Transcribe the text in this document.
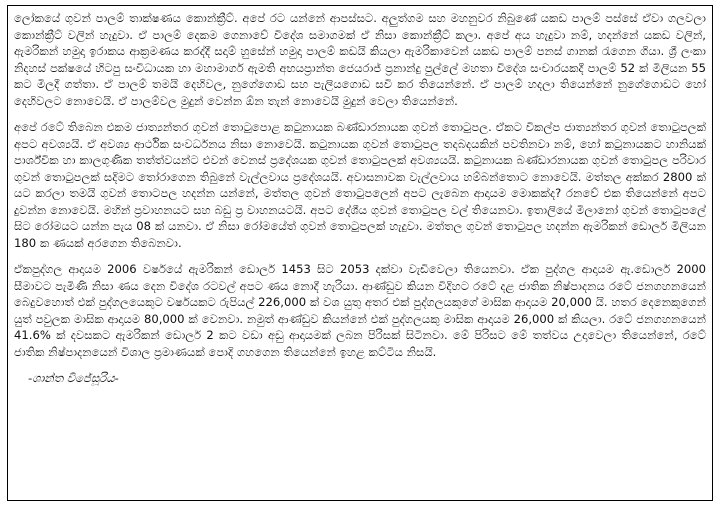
ලෝකයේ ගුවන් පාලම් තාක්ෂණය කොන්ක්‍රීට්. අපේ රට යන්නේ ආපස්සට. අලුත්ගම සහ මහනුවර නිබුණේ යකඩ පාලම් පස්සේ ඒවා ගලවලා කොන්ක්‍රීට් වලින් හැදුවා. ඒ පාලම් දෙකම ගෙනාවේ විදේශ සමාගමක් ඒ නිසා කොන්ක්‍රීට් කලා. අපේ අය හැදුවා නම්, හදන්නේ යකඩ වලින්, ඇමරිකන් හමුදා ඉරාකය ආක්‍රමණය කරද්දී සදාම් හුසේන් හමුදා පාලම් කඩයි කියලා ඇමරිකාවෙන් යකඩ පාලම් පනස් ගානක් රැගෙන ගියා. ශ්‍රී ලංකා නිදහස් පක්ෂයේ හිටපු සංවිධායක හා මහාමාර්ග ඇමති අභයප්‍රාන්ත ජෙයරාජ් ප්‍රනාන්දු පුල්ලේ මහතා විදේශ සංචාරයකදී පාලම් 52 ක් මිලියන 55 කට මිලදී ගත්තා. ඒ පාලම් තමයි දෙහිවල, නුගේගොඩ සහ පැලියගොඩ සවි කර තියෙන්නේ. ඒ පාලම් හදලා තියෙන්නේ නුගේගොඩට හෝ දෙහිවලට නොවෙයි. ඒ පාලම්වල මුදුන් වෙන්න ඕන තැන් නොවෙයි මුදුන් වෙලා තියෙන්නේ.

අපේ රටේ තිබෙන එකම ජාත්‍යන්තර ගුවන් තොටුපොළ කටුනායක බණ්ඩාරනායක ගුවන් තොටුපල. ඒකට විකල්ප ජාත්‍යන්තර ගුවන් තොටුපලක් අපට අවශ්‍යයි. ඒ අවශ්‍ය ආර්ථික සංවර්ධනය නිසා නොවෙයි. කටුනායක ගුවන් තොටුපල තදබදයකින් පවතිනවා නම්, හෝ කටුනායකට හානියක් පාර්ශ්වික හා කාලගුණික තත්ත්වයන්ට එවන් වෙනස් ප්‍රදේශයක ගුවන් තොටුපලක් අවශ්‍යයයි. කටුනායක බණ්ඩාරනායක ගුවන් තොටුපල පරිවාර ගුවන් තොටුපලක් සදිමට තෝරාගෙන තිබුනේ වැල්ලවාය ප්‍රදේශයයි. අවාසනාවක වැල්ලවාය හම්බන්තොට නොවෙයි. මත්තල අක්කර 2800 ක් යට කරලා තමයි ගුවන් තොටපල හදන්න යන්නේ, මත්තල ගුවන් තොටුපලෙන් අපට ලැබෙන ආදායම මොකක්ද? රනවේ එක තියෙන්නේ අපට දුවන්න නොවෙයි. මහින් ප්‍රවාහනයට සහ බඩු ප්‍ර වාහනයටයි. අපට දේශීය ගුවන් තොටුපල වල් තියෙනවා. ඉතාලියේ මිලානෝ ගුවන් තොටුපලේ සිට රෝමයට යන්න පැය 08 ක් යනවා. ඒ නිසා රෝමයේත් ගුවන් තොටුපලක් හැදුවා. මත්තල ගුවන් තොටුපල හදන්න ඇමරිකන් ඩොලර් මිලියන 180 ක ණයක් අරගෙන තිබෙනවා.

ඒකපුද්ගල ආදායම 2006 වර්ෂයේ ඇමරිකන් ඩොලර් 1453 සිට 2053 දක්වා වැඩිවෙලා තියෙනවා. ඒක පුද්ගල ආදායම ඇ.ඩොලර් 2000 සීමාවට පැමිණි නිසා ණය දෙන විදේශ රටවල් අපට ණය නොදී හැරියා. ආණ්ඩුව කියන විදිහට රටේ දළ ජාතික නිෂ්පාදනය රටේ ජනගහනයෙන් බෙදුවහොත් එක් පුද්ගලයෙකුට වර්ෂයකට රුපියල් 226,000 ක් වශ යුතු අතර එක් පුද්ගලයකුගේ මාසික ආදායම 20,000 යි. හතර දෙනෙකුගෙන් යුත් පවුලක මාසික ආදායම 80,000 ක් වෙනවා. නමුත් ආණ්ඩුව කියන්නේ එක් පුද්ගලයකු මාසික ආදායම 26,000 ක් කියලා. රටේ ජනගහනයෙන් 41.6% ක් දවසකට ඇමරිකන් ඩොලර් 2 කට වඩා අඩු ආදායමක් ලබන පිරිසක් සිටිනවා. මේ පිරිසට මේ තත්වය උදාවෙලා තියෙන්නේ, රටේ ජාතික නිෂ්පාදනයෙන් විශාල ප්‍රමාණයක් පොදි ගහගෙන තියෙන්නේ ඉහළ කට්ටිය නිසයි.

-ශාන්ත විජේසූරිය-
